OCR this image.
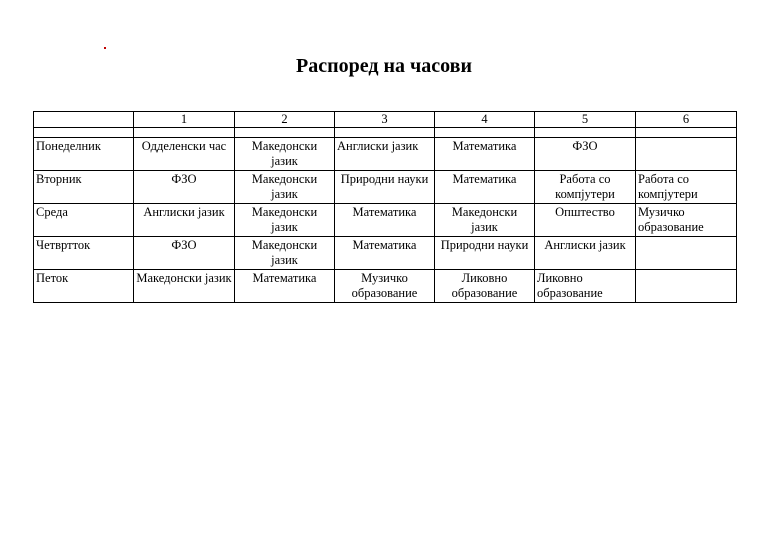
Распоред на часови
	1	2	3	4	5	6

Понеделник	Одделенски час	Македонски јазик	Англиски јазик	Математика	ФЗО	
Вторник	ФЗО	Македонски јазик	Природни науки	Математика	Работа со компјутери	Работа со компјутери
Среда	Англиски јазик	Македонски јазик	Математика	Македонски јазик	Општество	Музичко образование
Четвртток	ФЗО	Македонски јазик	Математика	Природни науки	Англиски јазик	
Петок	Македонски јазик	Математика	Музичко образование	Ликовно образование	Ликовно образование	
